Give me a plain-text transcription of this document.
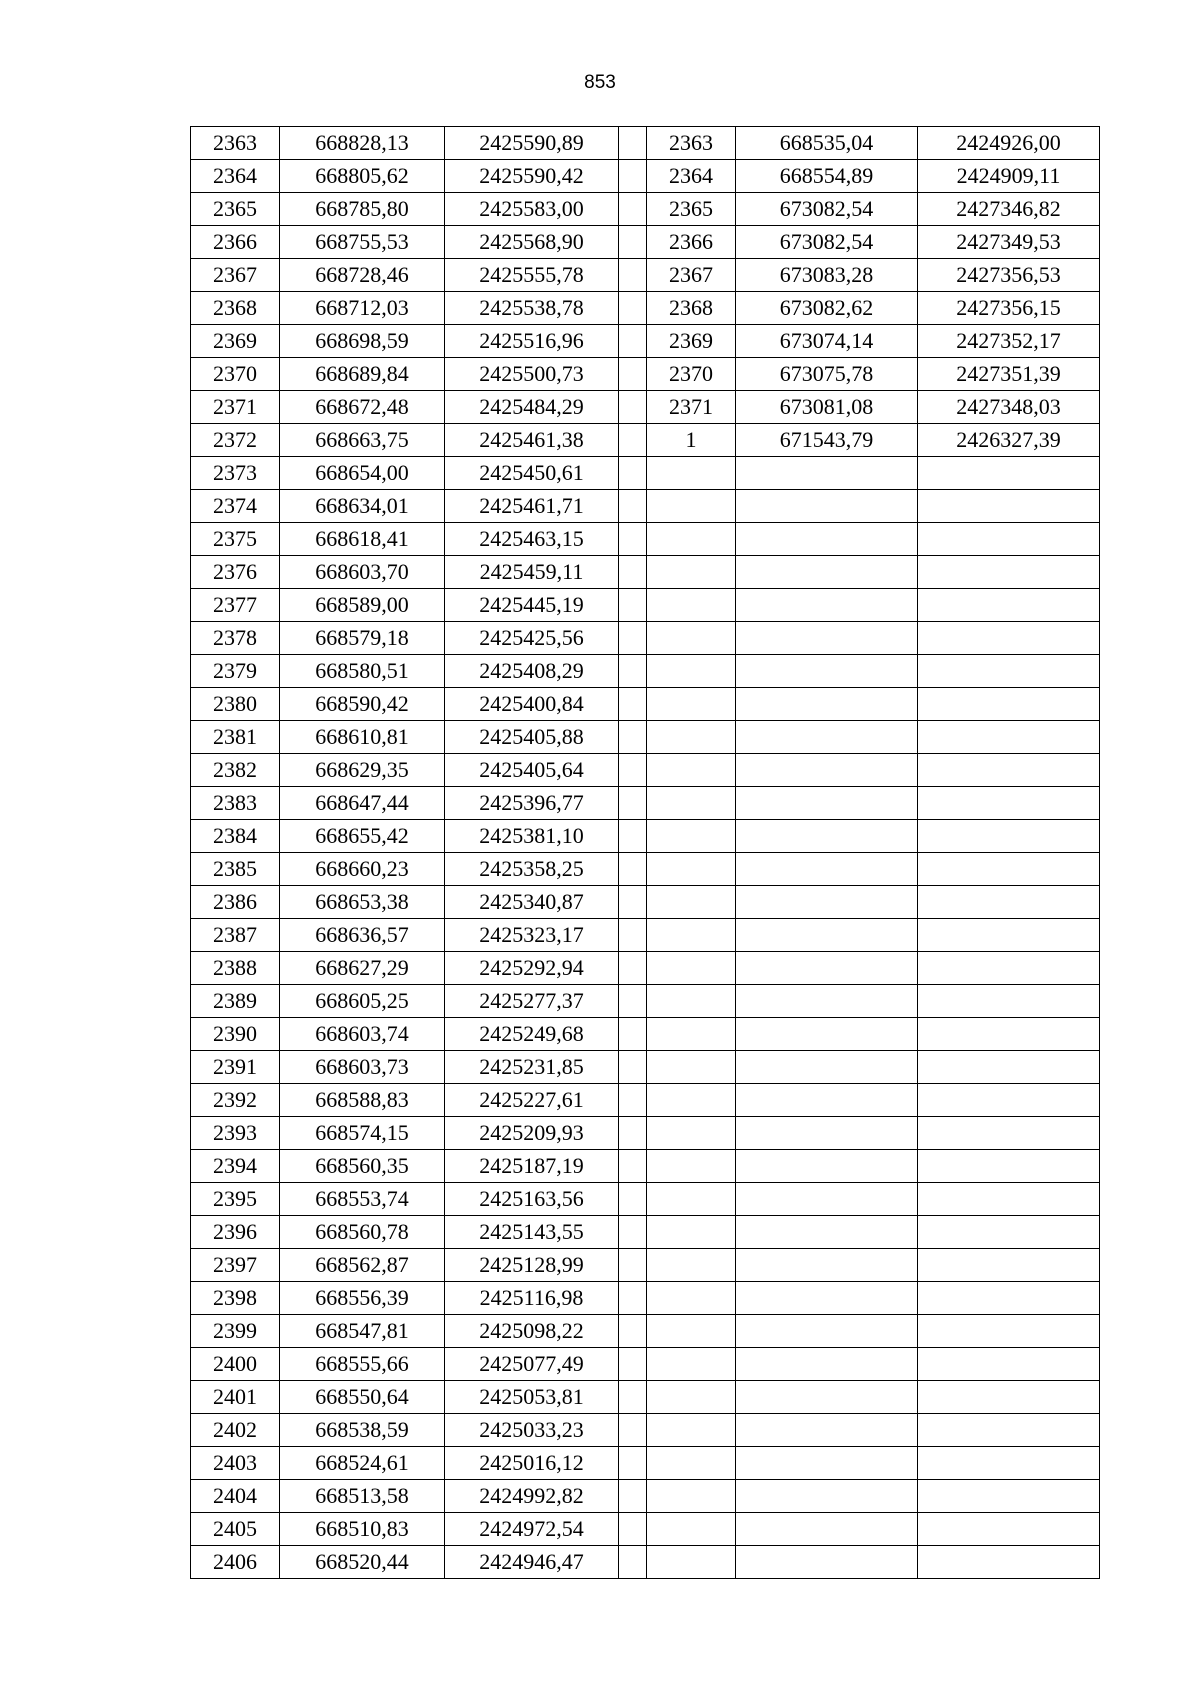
853
2363	668828,13	2425590,89		2363	668535,04	2424926,00
2364	668805,62	2425590,42		2364	668554,89	2424909,11
2365	668785,80	2425583,00		2365	673082,54	2427346,82
2366	668755,53	2425568,90		2366	673082,54	2427349,53
2367	668728,46	2425555,78		2367	673083,28	2427356,53
2368	668712,03	2425538,78		2368	673082,62	2427356,15
2369	668698,59	2425516,96		2369	673074,14	2427352,17
2370	668689,84	2425500,73		2370	673075,78	2427351,39
2371	668672,48	2425484,29		2371	673081,08	2427348,03
2372	668663,75	2425461,38		1	671543,79	2426327,39
2373	668654,00	2425450,61				
2374	668634,01	2425461,71				
2375	668618,41	2425463,15				
2376	668603,70	2425459,11				
2377	668589,00	2425445,19				
2378	668579,18	2425425,56				
2379	668580,51	2425408,29				
2380	668590,42	2425400,84				
2381	668610,81	2425405,88				
2382	668629,35	2425405,64				
2383	668647,44	2425396,77				
2384	668655,42	2425381,10				
2385	668660,23	2425358,25				
2386	668653,38	2425340,87				
2387	668636,57	2425323,17				
2388	668627,29	2425292,94				
2389	668605,25	2425277,37				
2390	668603,74	2425249,68				
2391	668603,73	2425231,85				
2392	668588,83	2425227,61				
2393	668574,15	2425209,93				
2394	668560,35	2425187,19				
2395	668553,74	2425163,56				
2396	668560,78	2425143,55				
2397	668562,87	2425128,99				
2398	668556,39	2425116,98				
2399	668547,81	2425098,22				
2400	668555,66	2425077,49				
2401	668550,64	2425053,81				
2402	668538,59	2425033,23				
2403	668524,61	2425016,12				
2404	668513,58	2424992,82				
2405	668510,83	2424972,54				
2406	668520,44	2424946,47				
